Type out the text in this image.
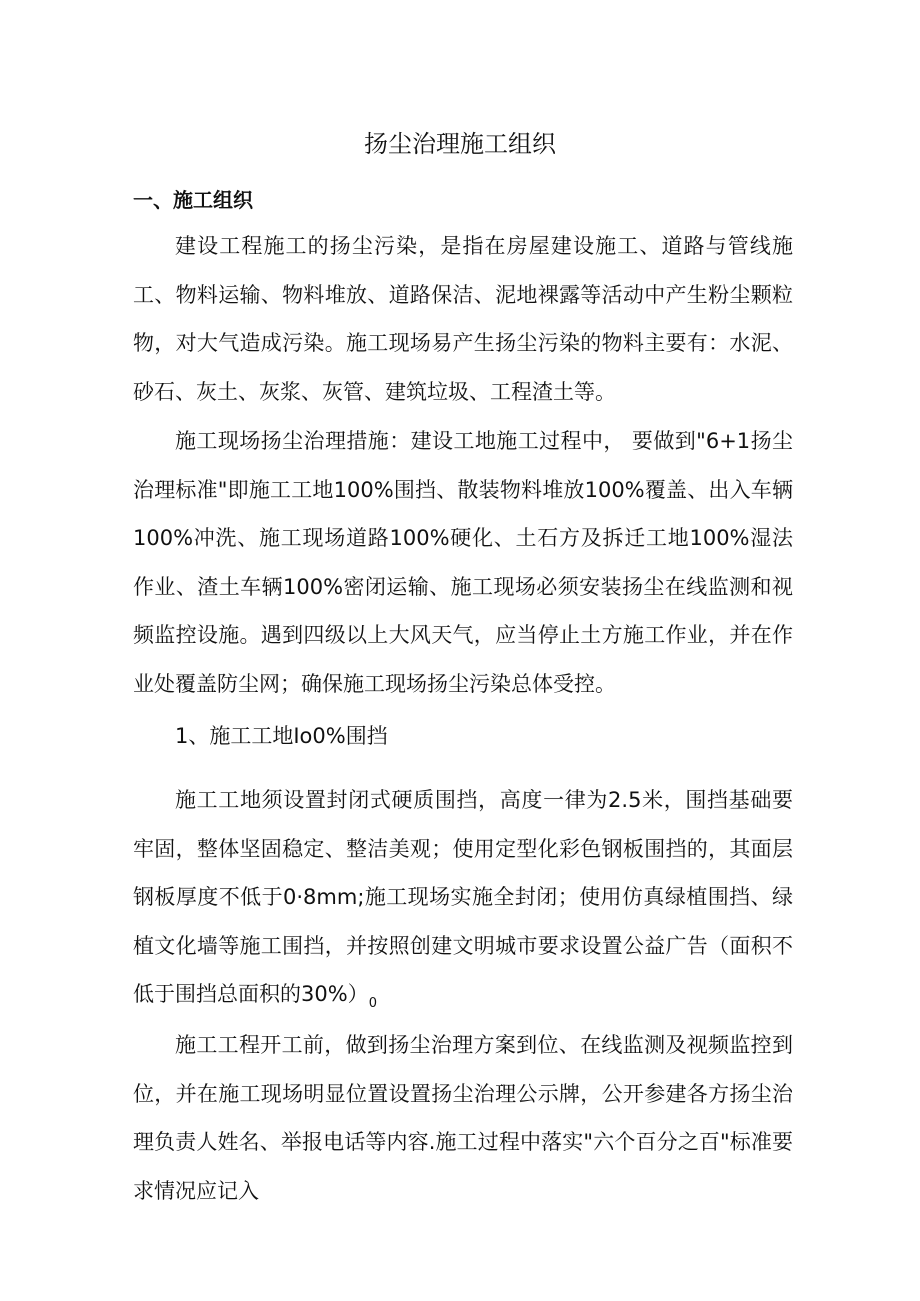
扬尘治理施工组织
一、施工组织

建设工程施工的扬尘污染，是指在房屋建设施工、道路与管线施工、物料运输、物料堆放、道路保洁、泥地裸露等活动中产生粉尘颗粒物，对大气造成污染。施工现场易产生扬尘污染的物料主要有：水泥、砂石、灰土、灰浆、灰管、建筑垃圾、工程渣土等。

施工现场扬尘治理措施：建设工地施工过程中， 要做到"6+1扬尘治理标准"即施工工地100%围挡、散装物料堆放100%覆盖、出入车辆100%冲洗、施工现场道路100%硬化、土石方及拆迁工地100%湿法作业、渣土车辆100%密闭运输、施工现场必须安装扬尘在线监测和视频监控设施。遇到四级以上大风天气，应当停止土方施工作业，并在作业处覆盖防尘网；确保施工现场扬尘污染总体受控。

1、施工工地Io0%围挡

施工工地须设置封闭式硬质围挡，高度一律为2.5米，围挡基础要牢固，整体坚固稳定、整洁美观；使用定型化彩色钢板围挡的，其面层钢板厚度不低于0·8mm;施工现场实施全封闭；使用仿真绿植围挡、绿植文化墙等施工围挡，并按照创建文明城市要求设置公益广告（面积不低于围挡总面积的$30\%)_0$

施工工程开工前，做到扬尘治理方案到位、在线监测及视频监控到位，并在施工现场明显位置设置扬尘治理公示牌，公开参建各方扬尘治理负责人姓名、举报电话等内容.施工过程中落实"六个百分之百"标准要求情况应记入
